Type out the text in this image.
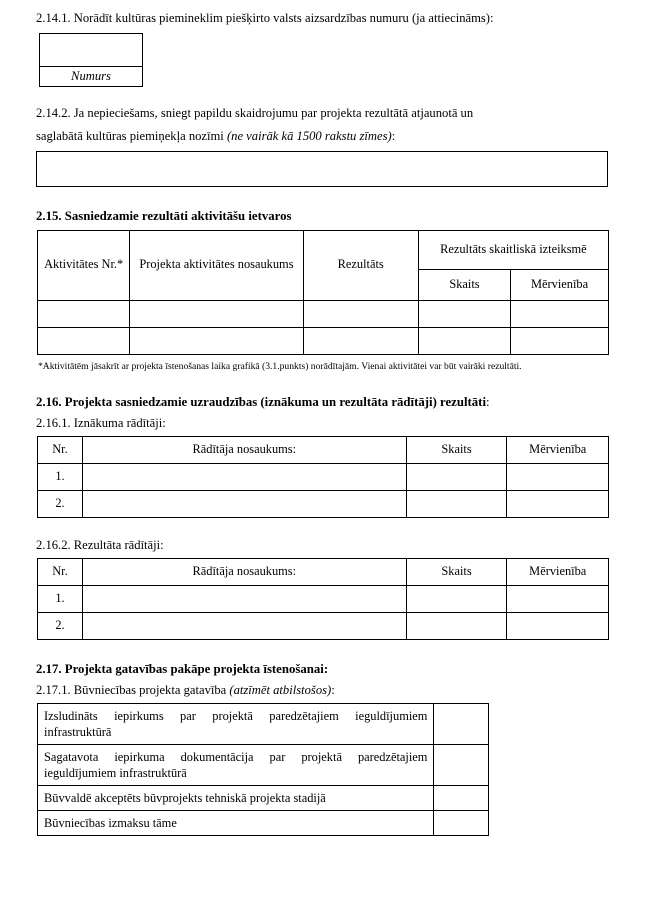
2.14.1. Norādīt kultūras piemineklim piešķirto valsts aizsardzības numuru (ja attiecināms):
Numurs
2.14.2. Ja nepieciešams, sniegt papildu skaidrojumu par projekta rezultātā atjaunotā un
saglabātā kultūras piemiņekļa nozīmi (ne vairāk kā 1500 rakstu zīmes):
2.15. Sasniedzamie rezultāti aktivitāšu ietvaros
Aktivitātes Nr.*	Projekta aktivitātes nosaukums	Rezultāts	Rezultāts skaitliskā izteiksmē	
			Skaits	Mērvienība

*Aktivitātēm jāsakrīt ar projekta īstenošanas laika grafikā (3.1.punkts) norādītajām. Vienai aktivitātei var būt vairāki rezultāti.
2.16. Projekta sasniedzamie uzraudzības (iznākuma un rezultāta rādītāji) rezultāti:
2.16.1. Iznākuma rādītāji:
Nr.	Rādītāja nosaukums:	Skaits	Mērvienība
1.			
2.			
2.16.2. Rezultāta rādītāji:
Nr.	Rādītāja nosaukums:	Skaits	Mērvienība
1.			
2.			
2.17. Projekta gatavības pakāpe projekta īstenošanai:
2.17.1. Būvniecības projekta gatavība (atzīmēt atbilstošos):
Izsludināts iepirkums par projektā paredzētajiem ieguldījumiem infrastruktūrā	
Sagatavota iepirkuma dokumentācija par projektā paredzētajiem ieguldījumiem infrastruktūrā	
Būvvaldē akceptēts būvprojekts tehniskā projekta stadijā	
Būvniecības izmaksu tāme	
